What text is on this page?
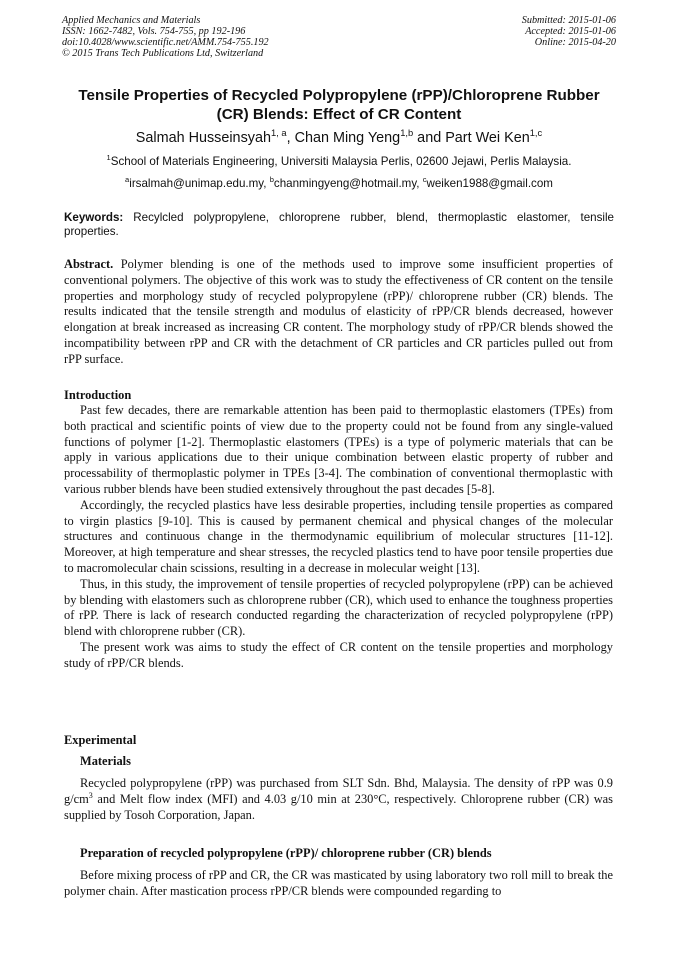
Applied Mechanics and Materials
ISSN: 1662-7482, Vols. 754-755, pp 192-196
doi:10.4028/www.scientific.net/AMM.754-755.192
© 2015 Trans Tech Publications Ltd, Switzerland
Submitted: 2015-01-06
Accepted: 2015-01-06
Online: 2015-04-20
Tensile Properties of Recycled Polypropylene (rPP)/Chloroprene Rubber
(CR) Blends: Effect of CR Content
Salmah Husseinsyah$^{1, a}$, Chan Ming Yeng$^{1,b}$ and Part Wei Ken$^{1,c}$
$^1$School of Materials Engineering, Universiti Malaysia Perlis, 02600 Jejawi, Perlis Malaysia.
$^a$irsalmah@unimap.edu.my, $^b$chanmingyeng@hotmail.my, $^c$weiken1988@gmail.com
Keywords: Recylcled polypropylene, chloroprene rubber, blend, thermoplastic elastomer, tensile properties.

Abstract. Polymer blending is one of the methods used to improve some insufficient properties of conventional polymers. The objective of this work was to study the effectiveness of CR content on the tensile properties and morphology study of recycled polypropylene (rPP)/ chloroprene rubber (CR) blends. The results indicated that the tensile strength and modulus of elasticity of rPP/CR blends decreased, however elongation at break increased as increasing CR content. The morphology study of rPP/CR blends showed the incompatibility between rPP and CR with the detachment of CR particles and CR particles pulled out from rPP surface.

Introduction

Past few decades, there are remarkable attention has been paid to thermoplastic elastomers (TPEs) from both practical and scientific points of view due to the property could not be found from any single-valued functions of polymer [1-2]. Thermoplastic elastomers (TPEs) is a type of polymeric materials that can be apply in various applications due to their unique combination between elastic property of rubber and processability of thermoplastic polymer in TPEs [3-4]. The combination of conventional thermoplastic with various rubber blends have been studied extensively throughout the past decades [5-8].

Accordingly, the recycled plastics have less desirable properties, including tensile properties as compared to virgin plastics [9-10]. This is caused by permanent chemical and physical changes of the molecular structures and continuous change in the thermodynamic equilibrium of molecular structures [11-12]. Moreover, at high temperature and shear stresses, the recycled plastics tend to have poor tensile properties due to macromolecular chain scissions, resulting in a decrease in molecular weight [13].

Thus, in this study, the improvement of tensile properties of recycled polypropylene (rPP) can be achieved by blending with elastomers such as chloroprene rubber (CR), which used to enhance the toughness properties of rPP. There is lack of research conducted regarding the characterization of recycled polypropylene (rPP) blend with chloroprene rubber (CR).

The present work was aims to study the effect of CR content on the tensile properties and morphology study of rPP/CR blends.

Experimental
Materials

Recycled polypropylene (rPP) was purchased from SLT Sdn. Bhd, Malaysia. The density of rPP was 0.9 $g/cm^3$ and Melt flow index (MFI) and 4.03 g/10 min at 230°C, respectively. Chloroprene rubber (CR) was supplied by Tosoh Corporation, Japan.

Preparation of recycled polypropylene (rPP)/ chloroprene rubber (CR) blends

Before mixing process of rPP and CR, the CR was masticated by using laboratory two roll mill to break the polymer chain. After mastication process rPP/CR blends were compounded regarding to
